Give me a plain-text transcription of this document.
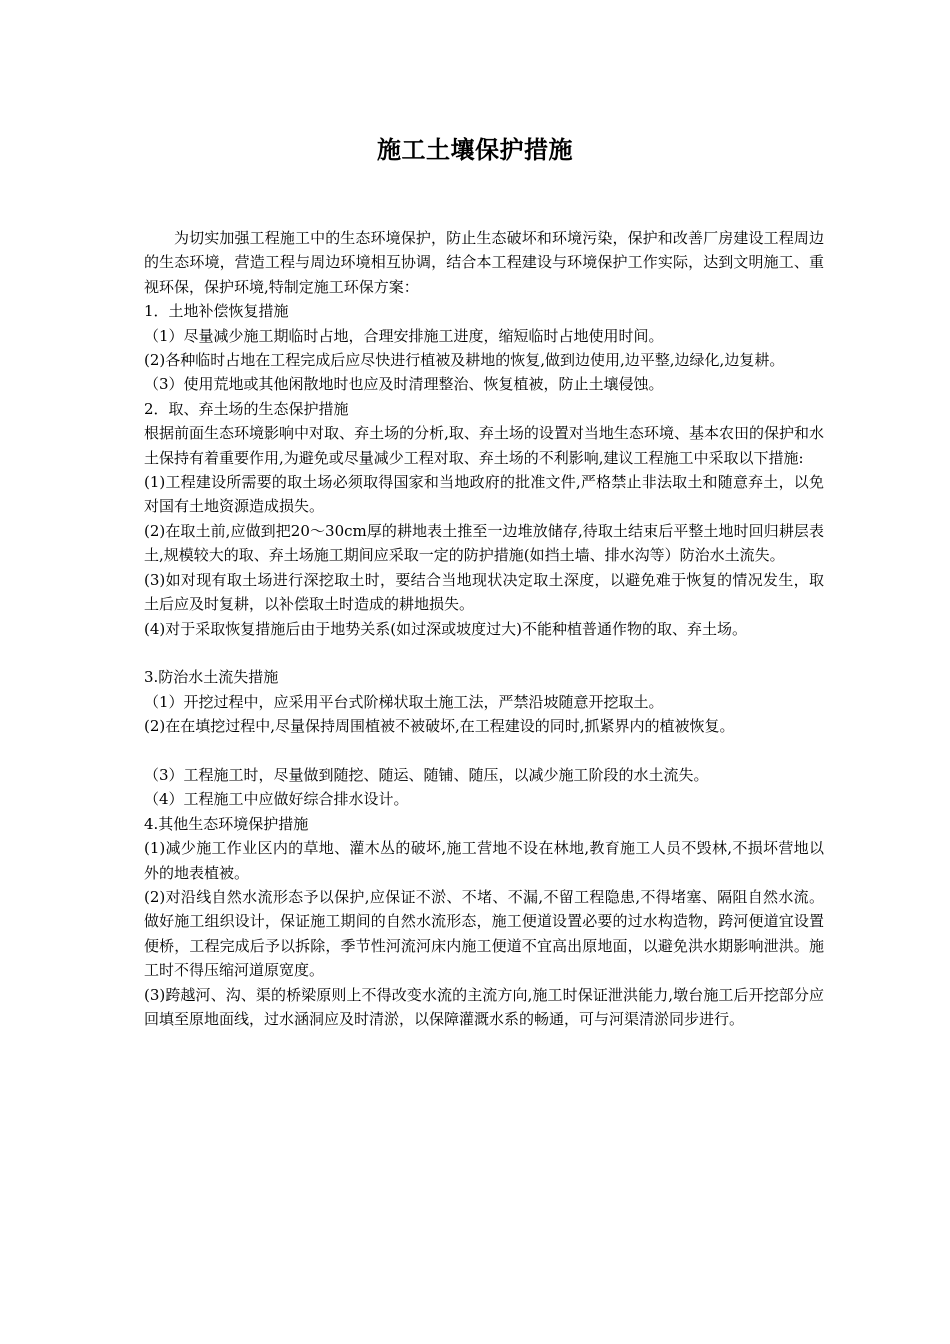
施工土壤保护措施

为切实加强工程施工中的生态环境保护，防止生态破坏和环境污染，保护和改善厂房建设工程周边的生态环境，营造工程与周边环境相互协调，结合本工程建设与环境保护工作实际，达到文明施工、重视环保，保护环境,特制定施工环保方案：

1．土地补偿恢复措施

（1）尽量减少施工期临时占地，合理安排施工进度，缩短临时占地使用时间。

(2)各种临时占地在工程完成后应尽快进行植被及耕地的恢复,做到边使用,边平整,边绿化,边复耕。

（3）使用荒地或其他闲散地时也应及时清理整治、恢复植被，防止土壤侵蚀。

2．取、弃土场的生态保护措施

根据前面生态环境影响中对取、弃土场的分析,取、弃土场的设置对当地生态环境、基本农田的保护和水土保持有着重要作用,为避免或尽量减少工程对取、弃土场的不利影响,建议工程施工中采取以下措施:

(1)工程建设所需要的取土场必须取得国家和当地政府的批准文件,严格禁止非法取土和随意弃土，以免对国有土地资源造成损失。

(2)在取土前,应做到把20～30cm厚的耕地表土推至一边堆放储存,待取土结束后平整土地时回归耕层表土,规模较大的取、弃土场施工期间应采取一定的防护措施(如挡土墙、排水沟等）防治水土流失。

(3)如对现有取土场进行深挖取土时，要结合当地现状决定取土深度，以避免难于恢复的情况发生，取土后应及时复耕，以补偿取土时造成的耕地损失。

(4)对于采取恢复措施后由于地势关系(如过深或坡度过大)不能种植普通作物的取、弃土场。

3.防治水土流失措施

（1）开挖过程中，应采用平台式阶梯状取土施工法，严禁沿坡随意开挖取土。

(2)在在填挖过程中,尽量保持周围植被不被破坏,在工程建设的同时,抓紧界内的植被恢复。

（3）工程施工时，尽量做到随挖、随运、随铺、随压，以减少施工阶段的水土流失。

（4）工程施工中应做好综合排水设计。

4.其他生态环境保护措施

(1)减少施工作业区内的草地、灌木丛的破坏,施工营地不设在林地,教育施工人员不毁林,不损坏营地以外的地表植被。

(2)对沿线自然水流形态予以保护,应保证不淤、不堵、不漏,不留工程隐患,不得堵塞、隔阻自然水流。做好施工组织设计，保证施工期间的自然水流形态，施工便道设置必要的过水构造物，跨河便道宜设置便桥，工程完成后予以拆除，季节性河流河床内施工便道不宜高出原地面，以避免洪水期影响泄洪。施工时不得压缩河道原宽度。

(3)跨越河、沟、渠的桥梁原则上不得改变水流的主流方向,施工时保证泄洪能力,墩台施工后开挖部分应回填至原地面线，过水涵洞应及时清淤，以保障灌溉水系的畅通，可与河渠清淤同步进行。
